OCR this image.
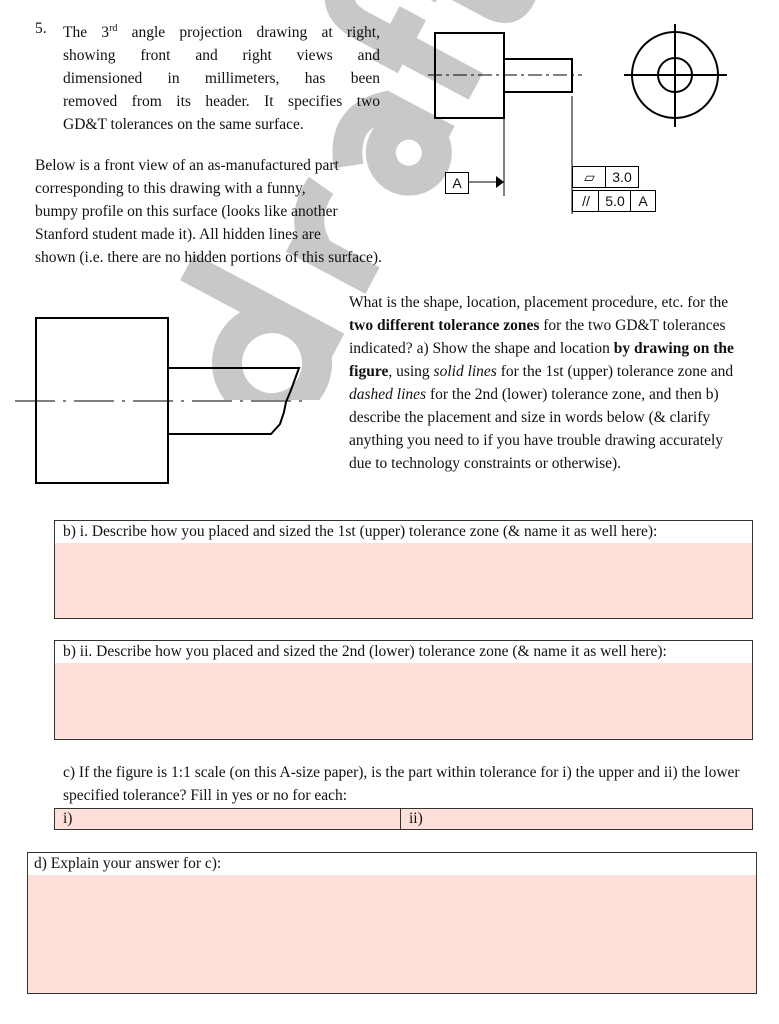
5. The 3rd angle projection drawing at right,
showing front and right views and
dimensioned in millimeters, has been
removed from its header. It specifies two
GD&T tolerances on the same surface.
Below is a front view of an as-manufactured part
corresponding to this drawing with a funny,
bumpy profile on this surface (looks like another
Stanford student made it). All hidden lines are
shown (i.e. there are no hidden portions of this surface).
A	▱	3.0
//	5.0 A
What is the shape, location, placement procedure, etc. for the two different tolerance zones for the two GD&T tolerances indicated? a) Show the shape and location by drawing on the figure, using solid lines for the 1st (upper) tolerance zone and dashed lines for the 2nd (lower) tolerance zone, and then b) describe the placement and size in words below (& clarify anything you need to if you have trouble drawing accurately due to technology constraints or otherwise).
b) i. Describe how you placed and sized the 1st (upper) tolerance zone (& name it as well here):
b) ii. Describe how you placed and sized the 2nd (lower) tolerance zone (& name it as well here):
c) If the figure is 1:1 scale (on this A-size paper), is the part within tolerance for i) the upper and ii) the lower specified tolerance? Fill in yes or no for each:
i)	ii)
d) Explain your answer for c):
